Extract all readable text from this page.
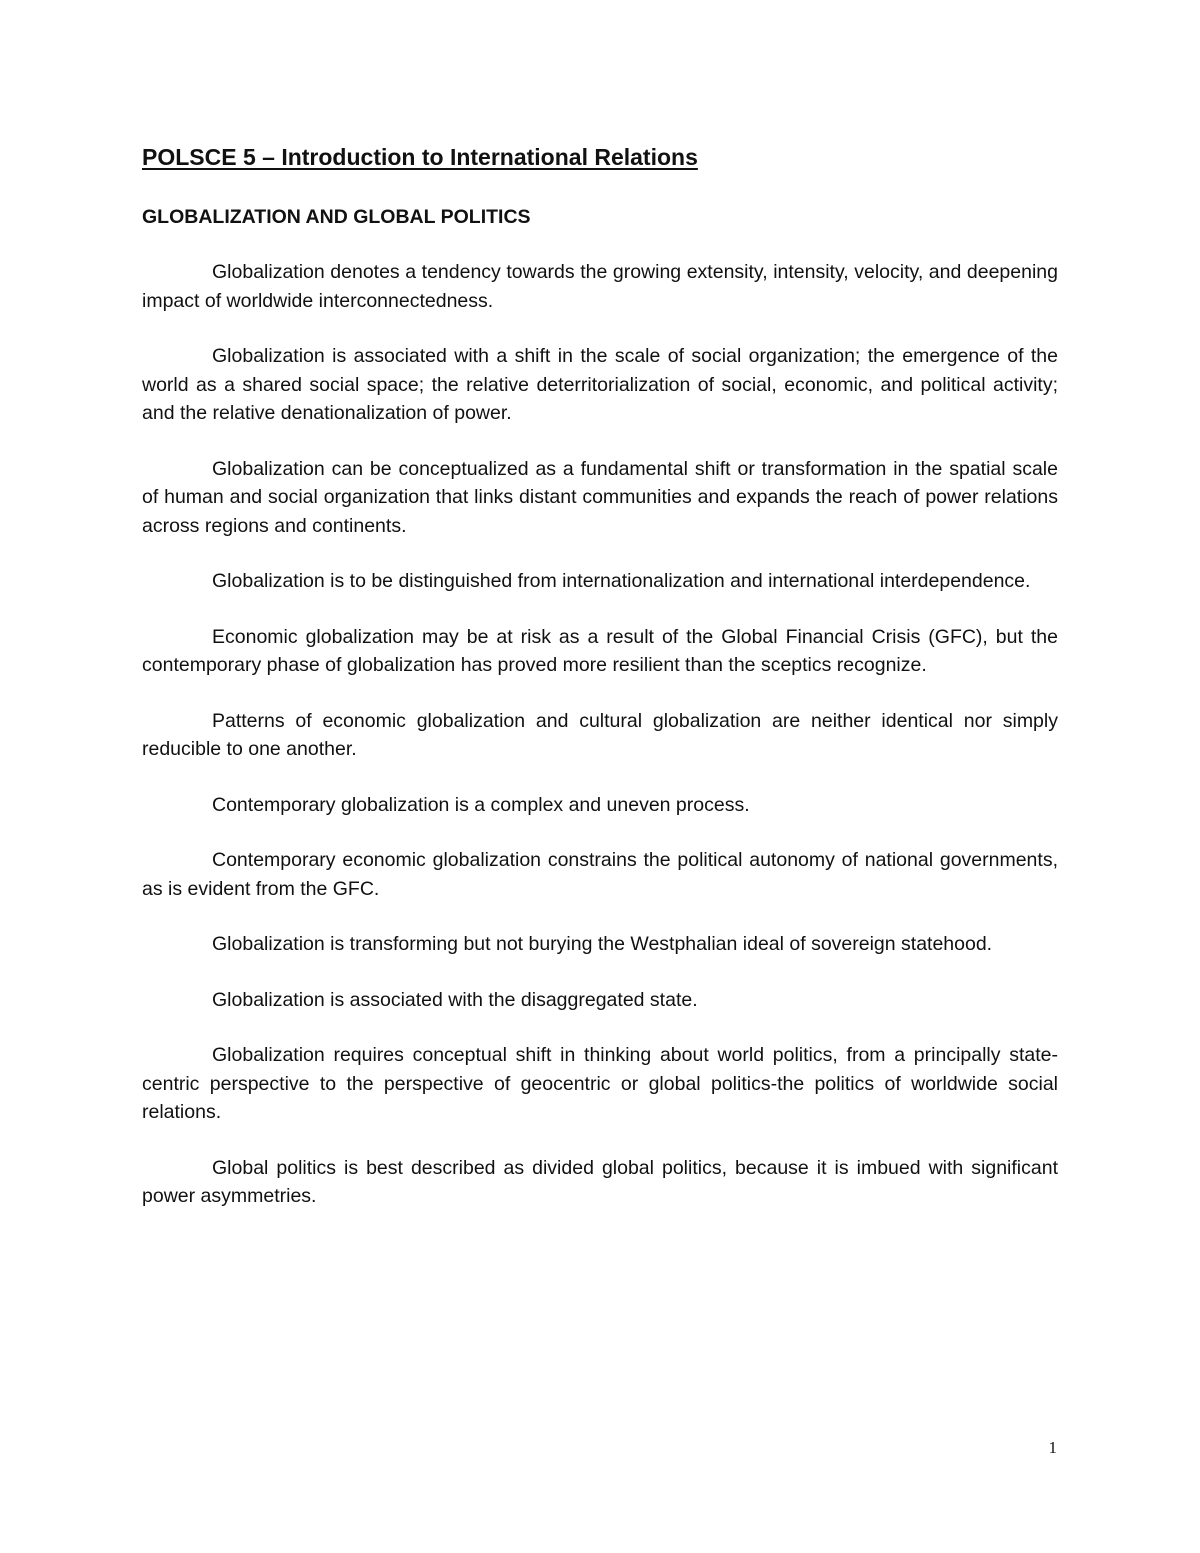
POLSCE 5 – Introduction to International Relations
GLOBALIZATION AND GLOBAL POLITICS

Globalization denotes a tendency towards the growing extensity, intensity, velocity, and deepening impact of worldwide interconnectedness.

Globalization is associated with a shift in the scale of social organization; the emergence of the world as a shared social space; the relative deterritorialization of social, economic, and political activity; and the relative denationalization of power.

Globalization can be conceptualized as a fundamental shift or transformation in the spatial scale of human and social organization that links distant communities and expands the reach of power relations across regions and continents.

Globalization is to be distinguished from internationalization and international interdependence.

Economic globalization may be at risk as a result of the Global Financial Crisis (GFC), but the contemporary phase of globalization has proved more resilient than the sceptics recognize.

Patterns of economic globalization and cultural globalization are neither identical nor simply reducible to one another.

Contemporary globalization is a complex and uneven process.

Contemporary economic globalization constrains the political autonomy of national governments, as is evident from the GFC.

Globalization is transforming but not burying the Westphalian ideal of sovereign statehood.

Globalization is associated with the disaggregated state.

Globalization requires conceptual shift in thinking about world politics, from a principally state-centric perspective to the perspective of geocentric or global politics-the politics of worldwide social relations.

Global politics is best described as divided global politics, because it is imbued with significant power asymmetries.

1
